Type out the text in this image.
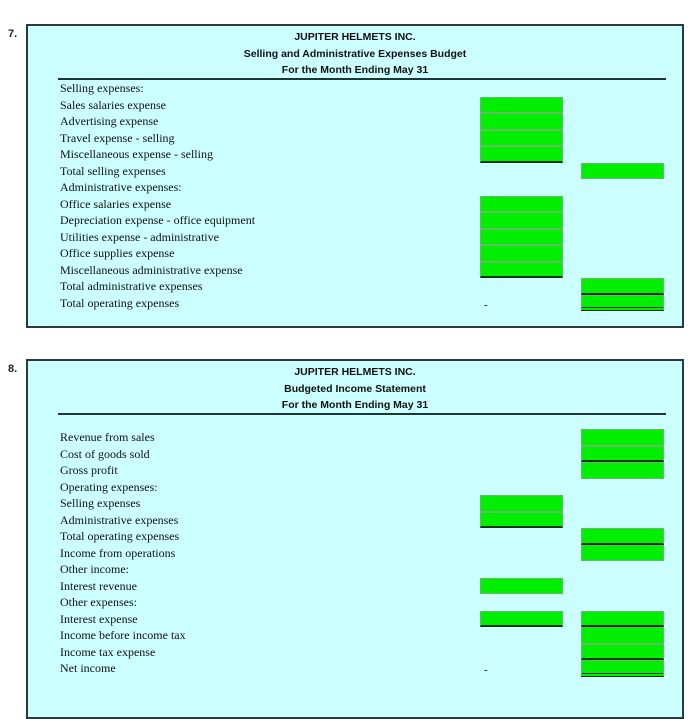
7.	JUPITER HELMETS INC.
Selling and Administrative Expenses Budget
For the Month Ending May 31
Selling expenses:
Sales salaries expense
Advertising expense
Travel expense - selling
Miscellaneous expense - selling
Total selling expenses
Administrative expenses:
Office salaries expense
Depreciation expense - office equipment
Utilities expense - administrative
Office supplies expense
Miscellaneous administrative expense
Total administrative expenses
Total operating expenses	-
8.	JUPITER HELMETS INC.
Budgeted Income Statement
For the Month Ending May 31
Revenue from sales
Cost of goods sold
Gross profit
Operating expenses:
Selling expenses
Administrative expenses
Total operating expenses
Income from operations
Other income:
Interest revenue
Other expenses:
Interest expense
Income before income tax
Income tax expense
Net income	-
